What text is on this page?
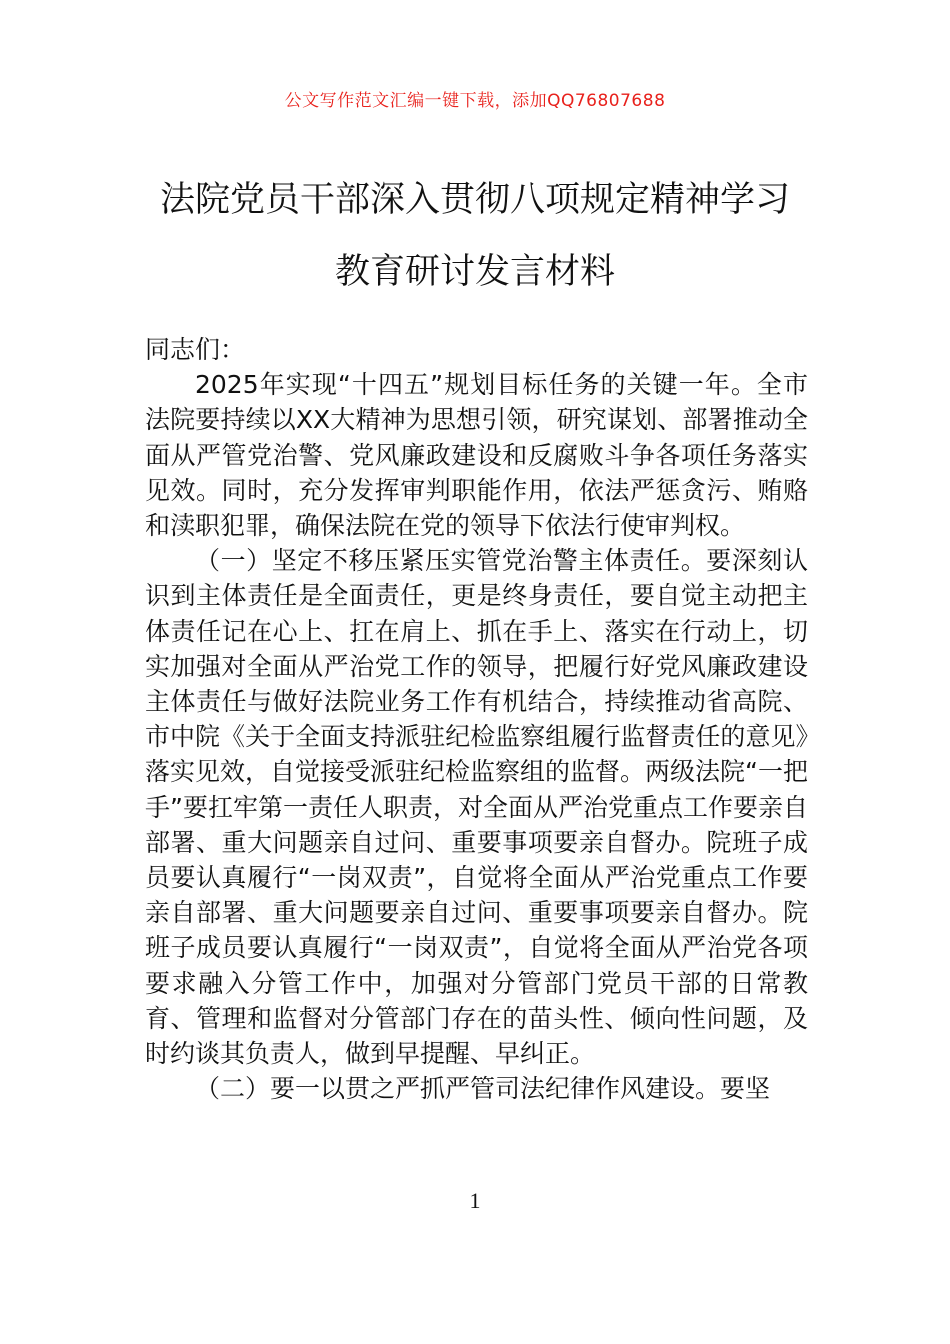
公文写作范文汇编一键下载，添加QQ76807688
法院党员干部深入贯彻八项规定精神学习
教育研讨发言材料

同志们：

2025年实现“十四五”规划目标任务的关键一年。全市法院要持续以XX大精神为思想引领，研究谋划、部署推动全面从严管党治警、党风廉政建设和反腐败斗争各项任务落实见效。同时，充分发挥审判职能作用，依法严惩贪污、贿赂和渎职犯罪，确保法院在党的领导下依法行使审判权。

（一）坚定不移压紧压实管党治警主体责任。要深刻认识到主体责任是全面责任，更是终身责任，要自觉主动把主体责任记在心上、扛在肩上、抓在手上、落实在行动上，切实加强对全面从严治党工作的领导，把履行好党风廉政建设主体责任与做好法院业务工作有机结合，持续推动省高院、市中院《关于全面支持派驻纪检监察组履行监督责任的意见》落实见效，自觉接受派驻纪检监察组的监督。两级法院“一把手”要扛牢第一责任人职责，对全面从严治党重点工作要亲自部署、重大问题亲自过问、重要事项要亲自督办。院班子成员要认真履行“一岗双责”，自觉将全面从严治党重点工作要亲自部署、重大问题要亲自过问、重要事项要亲自督办。院班子成员要认真履行“一岗双责”，自觉将全面从严治党各项要求融入分管工作中，加强对分管部门党员干部的日常教育、管理和监督对分管部门存在的苗头性、倾向性问题，及时约谈其负责人，做到早提醒、早纠正。

（二）要一以贯之严抓严管司法纪律作风建设。要坚

1
